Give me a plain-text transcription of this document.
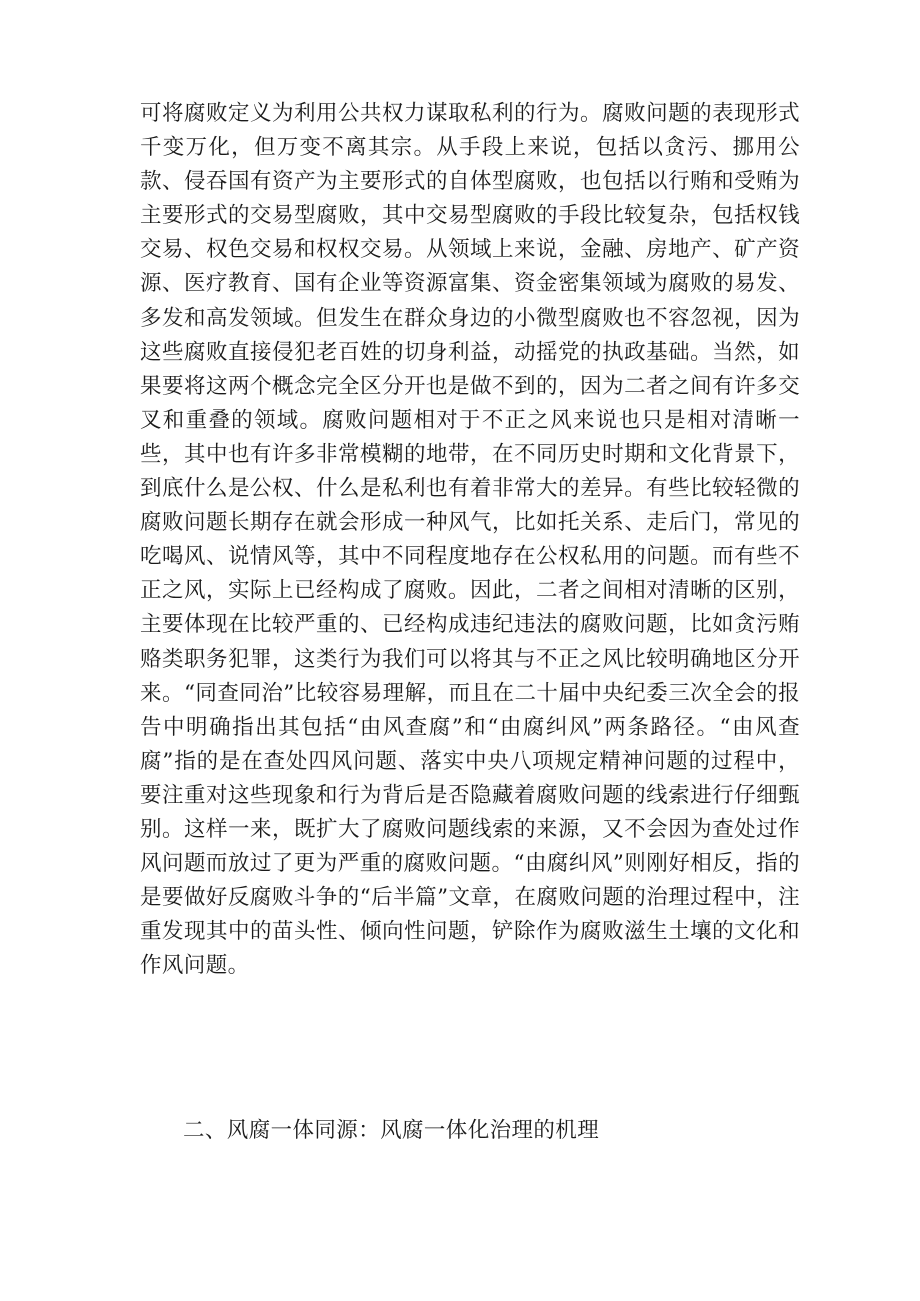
可将腐败定义为利用公共权力谋取私利的行为。腐败问题的表现形式千变万化，但万变不离其宗。从手段上来说，包括以贪污、挪用公款、侵吞国有资产为主要形式的自体型腐败，也包括以行贿和受贿为主要形式的交易型腐败，其中交易型腐败的手段比较复杂，包括权钱交易、权色交易和权权交易。从领域上来说，金融、房地产、矿产资源、医疗教育、国有企业等资源富集、资金密集领域为腐败的易发、多发和高发领域。但发生在群众身边的小微型腐败也不容忽视，因为这些腐败直接侵犯老百姓的切身利益，动摇党的执政基础。当然，如果要将这两个概念完全区分开也是做不到的，因为二者之间有许多交叉和重叠的领域。腐败问题相对于不正之风来说也只是相对清晰一些，其中也有许多非常模糊的地带，在不同历史时期和文化背景下，到底什么是公权、什么是私利也有着非常大的差异。有些比较轻微的腐败问题长期存在就会形成一种风气，比如托关系、走后门，常见的吃喝风、说情风等，其中不同程度地存在公权私用的问题。而有些不正之风，实际上已经构成了腐败。因此，二者之间相对清晰的区别，主要体现在比较严重的、已经构成违纪违法的腐败问题，比如贪污贿赂类职务犯罪，这类行为我们可以将其与不正之风比较明确地区分开来。“同查同治”比较容易理解，而且在二十届中央纪委三次全会的报告中明确指出其包括“由风查腐”和“由腐纠风”两条路径。“由风查腐”指的是在查处四风问题、落实中央八项规定精神问题的过程中，要注重对这些现象和行为背后是否隐藏着腐败问题的线索进行仔细甄别。这样一来，既扩大了腐败问题线索的来源，又不会因为查处过作风问题而放过了更为严重的腐败问题。“由腐纠风”则刚好相反，指的是要做好反腐败斗争的“后半篇”文章，在腐败问题的治理过程中，注重发现其中的苗头性、倾向性问题，铲除作为腐败滋生土壤的文化和作风问题。

二、风腐一体同源：风腐一体化治理的机理
